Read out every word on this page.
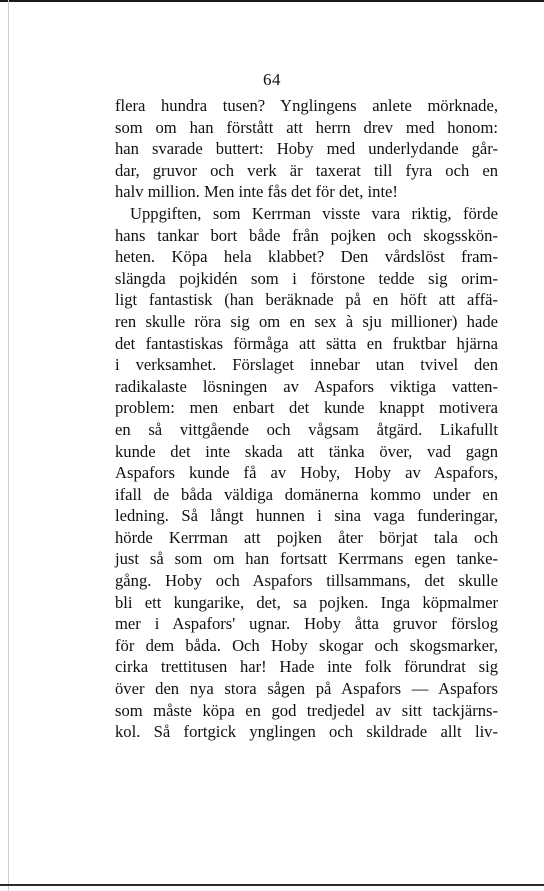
64
flera hundra tusen? Ynglingens anlete mörknade,
som om han förstått att herrn drev med honom:
han svarade buttert: Hoby med underlydande går-
dar, gruvor och verk är taxerat till fyra och en
halv million. Men inte fås det för det, inte!
Uppgiften, som Kerrman visste vara riktig, förde
hans tankar bort både från pojken och skogsskön-
heten. Köpa hela klabbet? Den vårdslöst fram-
slängda pojkidén som i förstone tedde sig orim-
ligt fantastisk (han beräknade på en höft att affä-
ren skulle röra sig om en sex à sju millioner) hade
det fantastiskas förmåga att sätta en fruktbar hjärna
i verksamhet. Förslaget innebar utan tvivel den
radikalaste lösningen av Aspafors viktiga vatten-
problem: men enbart det kunde knappt motivera
en så vittgående och vågsam åtgärd. Likafullt
kunde det inte skada att tänka över, vad gagn
Aspafors kunde få av Hoby, Hoby av Aspafors,
ifall de båda väldiga domänerna kommo under en
ledning. Så långt hunnen i sina vaga funderingar,
hörde Kerrman att pojken åter börjat tala och
just så som om han fortsatt Kerrmans egen tanke-
gång. Hoby och Aspafors tillsammans, det skulle
bli ett kungarike, det, sa pojken. Inga köpmalmer
mer i Aspafors' ugnar. Hoby åtta gruvor förslog
för dem båda. Och Hoby skogar och skogsmarker,
cirka trettitusen har! Hade inte folk förundrat sig
över den nya stora sågen på Aspafors — Aspafors
som måste köpa en god tredjedel av sitt tackjärns-
kol. Så fortgick ynglingen och skildrade allt liv-
